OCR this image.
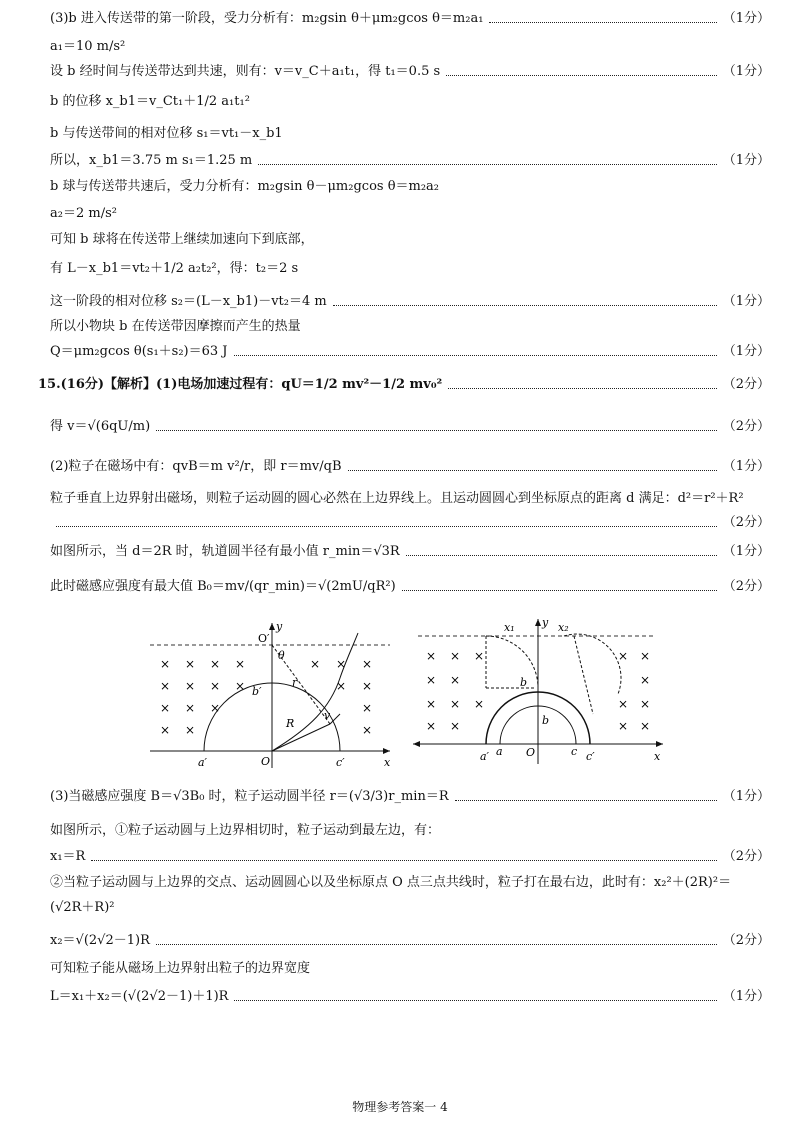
(3)b 进入传送带的第一阶段，受力分析有：m₂gsin θ＋μm₂gcos θ＝m₂a₁	（1分）
a₁＝10 m/s²
设 b 经时间与传送带达到共速，则有：v＝v_C＋a₁t₁，得 t₁＝0.5 s	（1分）
b 的位移 x_b1＝v_Ct₁＋1/2 a₁t₁²
b 与传送带间的相对位移 s₁＝vt₁－x_b1
所以，x_b1＝3.75 m s₁＝1.25 m	（1分）
b 球与传送带共速后，受力分析有：m₂gsin θ－μm₂gcos θ＝m₂a₂
a₂＝2 m/s²
可知 b 球将在传送带上继续加速向下到底部，
有 L－x_b1＝vt₂＋1/2 a₂t₂²，得：t₂＝2 s
这一阶段的相对位移 s₂＝(L－x_b1)－vt₂＝4 m	（1分）
所以小物块 b 在传送带因摩擦而产生的热量
Q＝μm₂gcos θ(s₁＋s₂)＝63 J	（1分）
15.(16分)【解析】(1)电场加速过程有：qU＝1/2 mv²－1/2 mv₀²	（2分）
得 v＝√(6qU/m)	（2分）
(2)粒子在磁场中有：qvB＝m v²/r，即 r＝mv/qB	（1分）
粒子垂直上边界射出磁场，则粒子运动圆的圆心必然在上边界线上。且运动圆圆心到坐标原点的距离 d 满足：d²＝r²＋R²
（2分）
如图所示，当 d＝2R 时，轨道圆半径有最小值 r_min＝√3R	（1分）
此时磁感应强度有最大值 B₀＝mv/(qr_min)＝√(2mU/qR²)	（2分）
O′
y
x
O
θ
r
R
v
b′
a′	c′
× × × ×	× × ×
× × × ×	× ×
× × ×	×
× ×	×
x₁	x₂
y
x
O
a′ a
b
c c′
b
× × ×	× ×
× ×	×
× × ×	× ×
× ×	× ×
(3)当磁感应强度 B＝√3B₀ 时，粒子运动圆半径 r＝(√3/3)r_min＝R	（1分）
如图所示，①粒子运动圆与上边界相切时，粒子运动到最左边，有：
x₁＝R	（2分）
②当粒子运动圆与上边界的交点、运动圆圆心以及坐标原点 O 点三点共线时，粒子打在最右边，此时有：x₂²＋(2R)²＝
(√2R＋R)²
x₂＝√(2√2－1)R	（2分）
可知粒子能从磁场上边界射出粒子的边界宽度
L＝x₁＋x₂＝(√(2√2－1)＋1)R	（1分）
物理参考答案一 4
